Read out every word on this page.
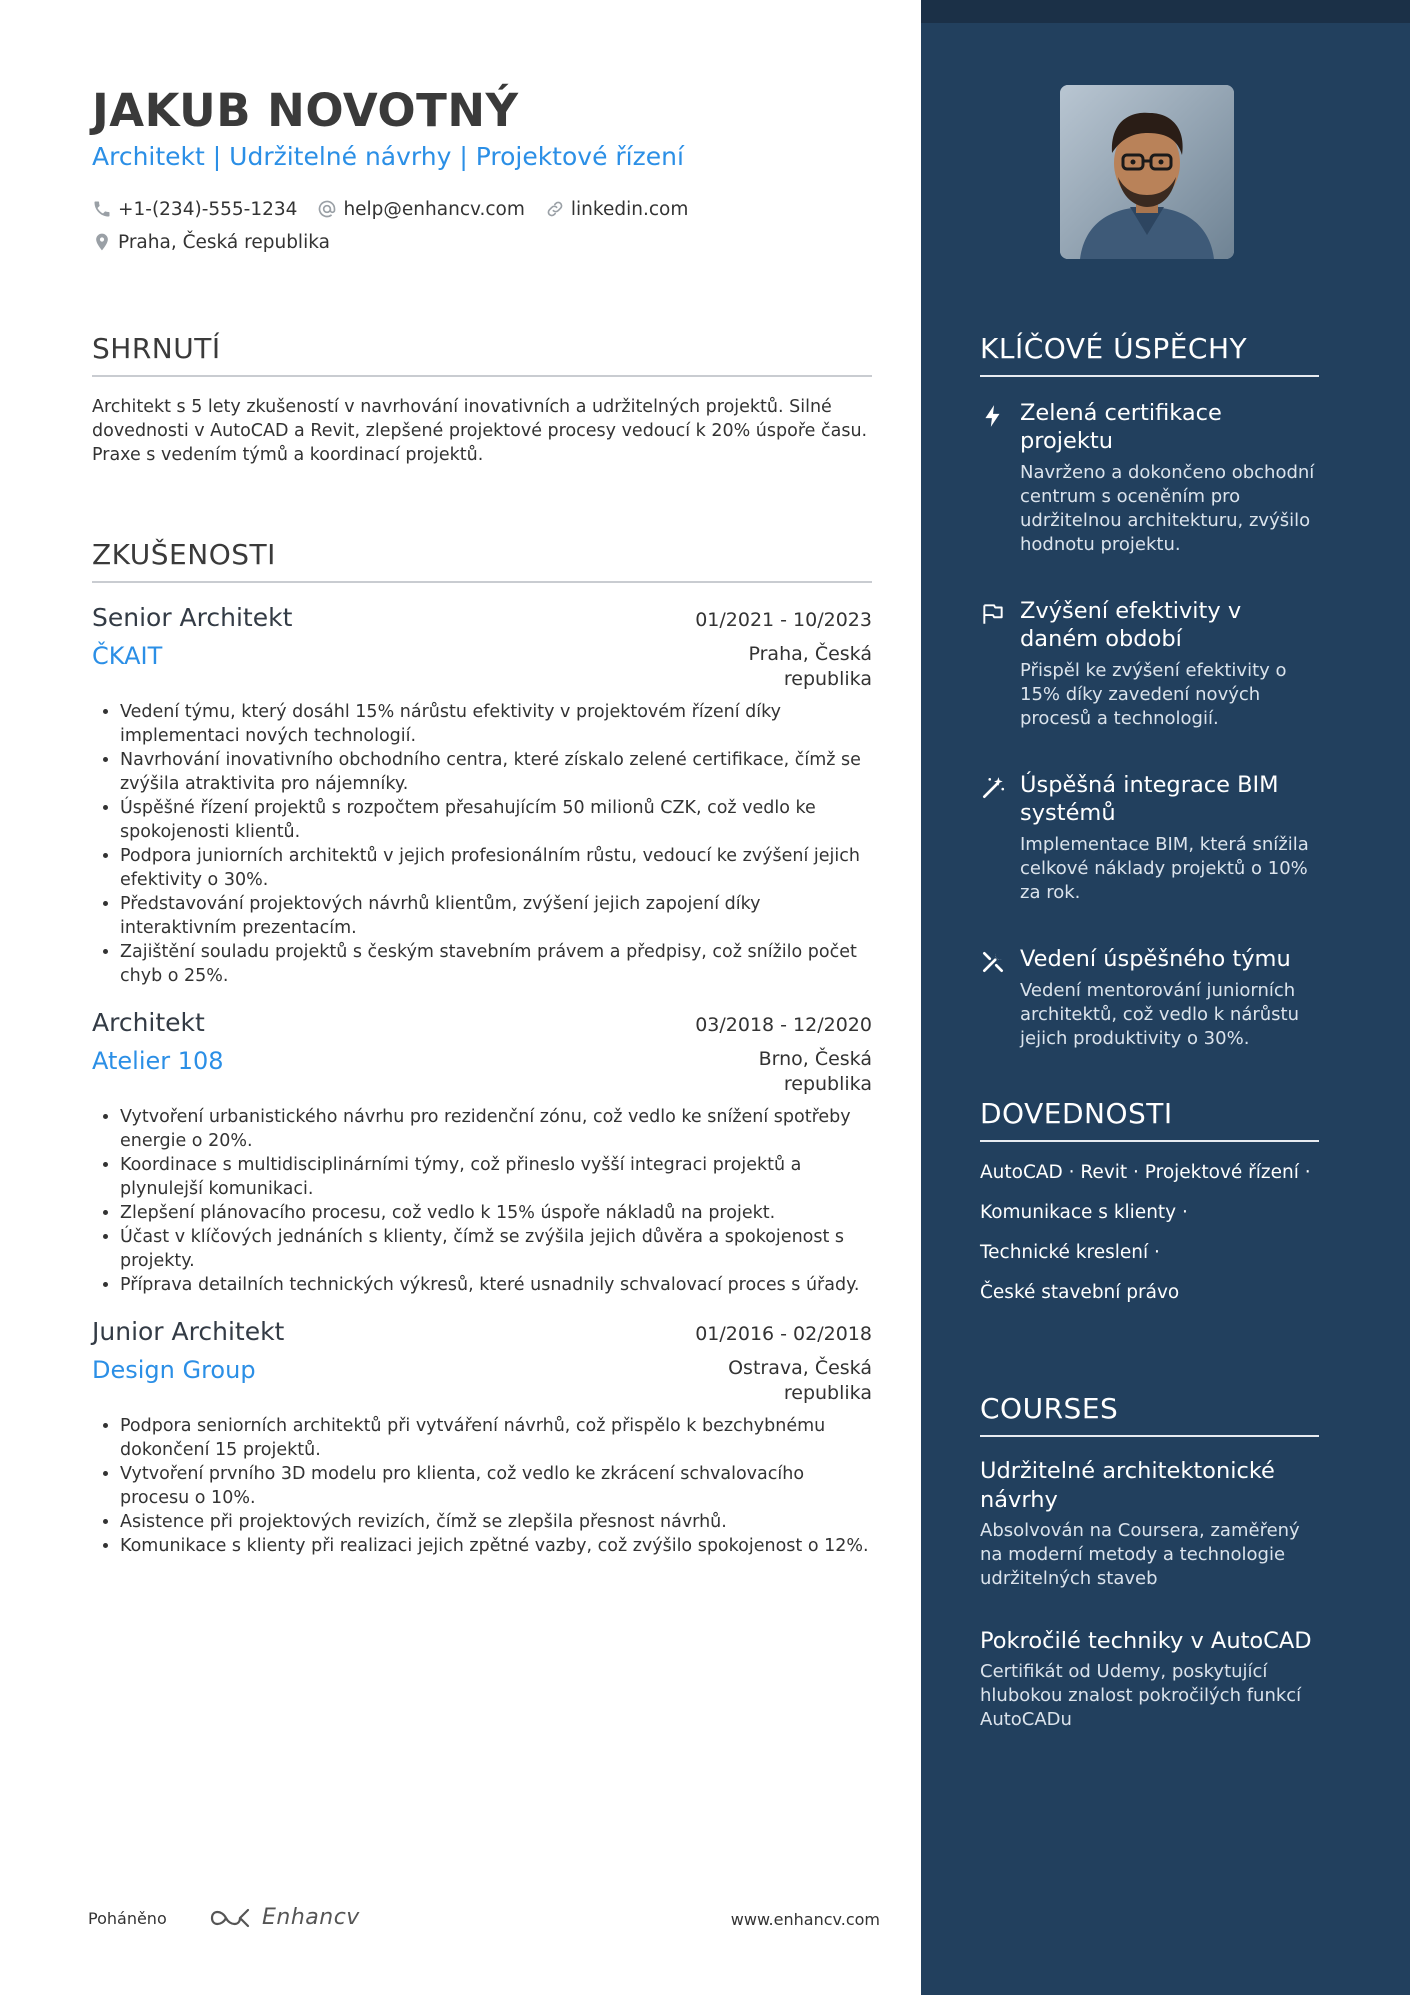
JAKUB NOVOTNÝ
Architekt | Udržitelné návrhy | Projektové řízení
+1-(234)-555-1234 help@enhancv.com linkedin.com
Praha, Česká republika
SHRNUTÍ

Architekt s 5 lety zkušeností v navrhování inovativních a udržitelných projektů. Silné dovednosti v AutoCAD a Revit, zlepšené projektové procesy vedoucí k 20% úspoře času. Praxe s vedením týmů a koordinací projektů.

ZKUŠENOSTI
Senior Architekt	01/2021 - 10/2023
ČKAIT	Praha, Česká republika
• Vedení týmu, který dosáhl 15% nárůstu efektivity v projektovém řízení díky implementaci nových technologií.
• Navrhování inovativního obchodního centra, které získalo zelené certifikace, čímž se zvýšila atraktivita pro nájemníky.
• Úspěšné řízení projektů s rozpočtem přesahujícím 50 milionů CZK, což vedlo ke spokojenosti klientů.
• Podpora juniorních architektů v jejich profesionálním růstu, vedoucí ke zvýšení jejich efektivity o 30%.
• Představování projektových návrhů klientům, zvýšení jejich zapojení díky interaktivním prezentacím.
• Zajištění souladu projektů s českým stavebním právem a předpisy, což snížilo počet chyb o 25%.
Architekt	03/2018 - 12/2020
Atelier 108	Brno, Česká republika
• Vytvoření urbanistického návrhu pro rezidenční zónu, což vedlo ke snížení spotřeby energie o 20%.
• Koordinace s multidisciplinárními týmy, což přineslo vyšší integraci projektů a plynulejší komunikaci.
• Zlepšení plánovacího procesu, což vedlo k 15% úspoře nákladů na projekt.
• Účast v klíčových jednáních s klienty, čímž se zvýšila jejich důvěra a spokojenost s projekty.
• Příprava detailních technických výkresů, které usnadnily schvalovací proces s úřady.
Junior Architekt	01/2016 - 02/2018
Design Group	Ostrava, Česká republika
• Podpora seniorních architektů při vytváření návrhů, což přispělo k bezchybnému dokončení 15 projektů.
• Vytvoření prvního 3D modelu pro klienta, což vedlo ke zkrácení schvalovacího procesu o 10%.
• Asistence při projektových revizích, čímž se zlepšila přesnost návrhů.
• Komunikace s klienty při realizaci jejich zpětné vazby, což zvýšilo spokojenost o 12%.
KLÍČOVÉ ÚSPĚCHY
Zelená certifikace projektu
Navrženo a dokončeno obchodní centrum s oceněním pro udržitelnou architekturu, zvýšilo hodnotu projektu.
Zvýšení efektivity v daném období
Přispěl ke zvýšení efektivity o 15% díky zavedení nových procesů a technologií.
Úspěšná integrace BIM systémů
Implementace BIM, která snížila celkové náklady projektů o 10% za rok.
Vedení úspěšného týmu
Vedení mentorování juniorních architektů, což vedlo k nárůstu jejich produktivity o 30%.
DOVEDNOSTI
AutoCAD · Revit · Projektové řízení ·
Komunikace s klienty ·
Technické kreslení ·
České stavební právo
COURSES
Udržitelné architektonické návrhy
Absolvován na Coursera, zaměřený na moderní metody a technologie udržitelných staveb
Pokročilé techniky v AutoCAD
Certifikát od Udemy, poskytující hlubokou znalost pokročilých funkcí AutoCADu
Poháněno	Enhancv	www.enhancv.com
